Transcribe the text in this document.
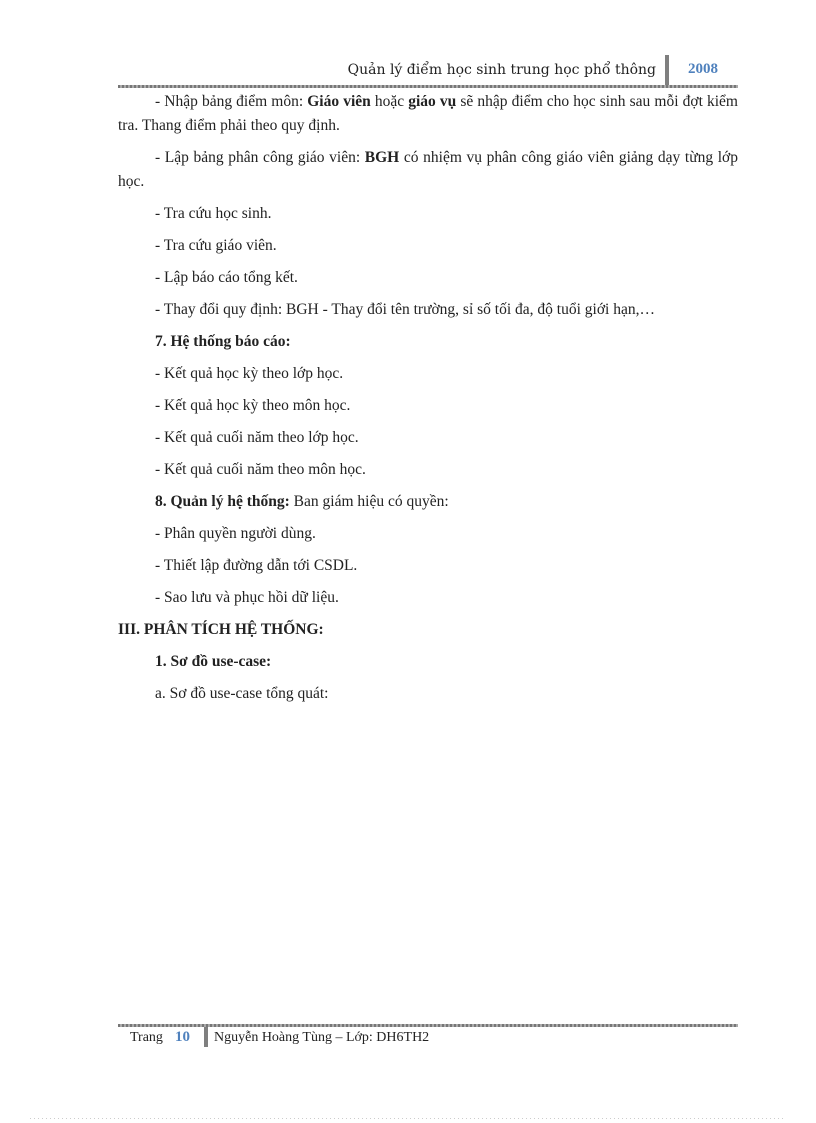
Quản lý điểm học sinh trung học phổ thông 2008

- Nhập bảng điểm môn: Giáo viên hoặc giáo vụ sẽ nhập điểm cho học sinh sau mỗi đợt kiểm tra. Thang điểm phải theo quy định.

- Lập bảng phân công giáo viên: BGH có nhiệm vụ phân công giáo viên giảng dạy từng lớp học.

- Tra cứu học sinh.

- Tra cứu giáo viên.

- Lập báo cáo tổng kết.

- Thay đổi quy định: BGH - Thay đổi tên trường, sỉ số tối đa, độ tuổi giới hạn,…

7. Hệ thống báo cáo:

- Kết quả học kỳ theo lớp học.

- Kết quả học kỳ theo môn học.

- Kết quả cuối năm theo lớp học.

- Kết quả cuối năm theo môn học.

8. Quản lý hệ thống: Ban giám hiệu có quyền:

- Phân quyền người dùng.

- Thiết lập đường dẫn tới CSDL.

- Sao lưu và phục hồi dữ liệu.

III. PHÂN TÍCH HỆ THỐNG:

1. Sơ đồ use-case:

a. Sơ đồ use-case tổng quát:

Trang 10 Nguyễn Hoàng Tùng – Lớp: DH6TH2
